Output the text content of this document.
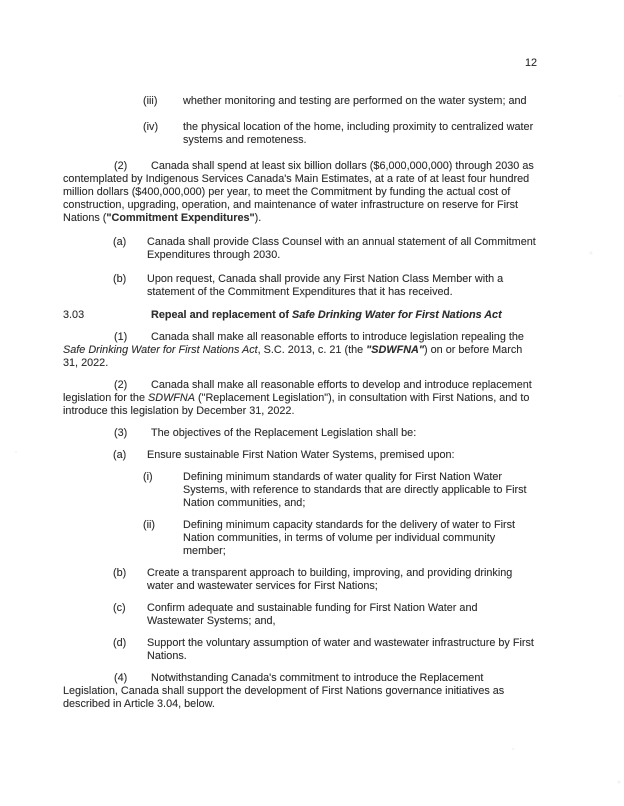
12
(iii)	whether monitoring and testing are performed on the water system; and
(iv)	the physical location of the home, including proximity to centralized water systems and remoteness.

(2) Canada shall spend at least six billion dollars ($6,000,000,000) through 2030 as contemplated by Indigenous Services Canada's Main Estimates, at a rate of at least four hundred million dollars ($400,000,000) per year, to meet the Commitment by funding the actual cost of construction, upgrading, operation, and maintenance of water infrastructure on reserve for First Nations ("Commitment Expenditures").

(a)	Canada shall provide Class Counsel with an annual statement of all Commitment Expenditures through 2030.
(b)	Upon request, Canada shall provide any First Nation Class Member with a statement of the Commitment Expenditures that it has received.
3.03	Repeal and replacement of Safe Drinking Water for First Nations Act

(1) Canada shall make all reasonable efforts to introduce legislation repealing the Safe Drinking Water for First Nations Act, S.C. 2013, c. 21 (the "SDWFNA") on or before March 31, 2022.

(2) Canada shall make all reasonable efforts to develop and introduce replacement legislation for the SDWFNA ("Replacement Legislation"), in consultation with First Nations, and to introduce this legislation by December 31, 2022.

(3) The objectives of the Replacement Legislation shall be:

(a)	Ensure sustainable First Nation Water Systems, premised upon:
(i)	Defining minimum standards of water quality for First Nation Water Systems, with reference to standards that are directly applicable to First Nation communities, and;
(ii)	Defining minimum capacity standards for the delivery of water to First Nation communities, in terms of volume per individual community member;
(b)	Create a transparent approach to building, improving, and providing drinking water and wastewater services for First Nations;
(c)	Confirm adequate and sustainable funding for First Nation Water and Wastewater Systems; and,
(d)	Support the voluntary assumption of water and wastewater infrastructure by First Nations.

(4) Notwithstanding Canada's commitment to introduce the Replacement Legislation, Canada shall support the development of First Nations governance initiatives as described in Article 3.04, below.
